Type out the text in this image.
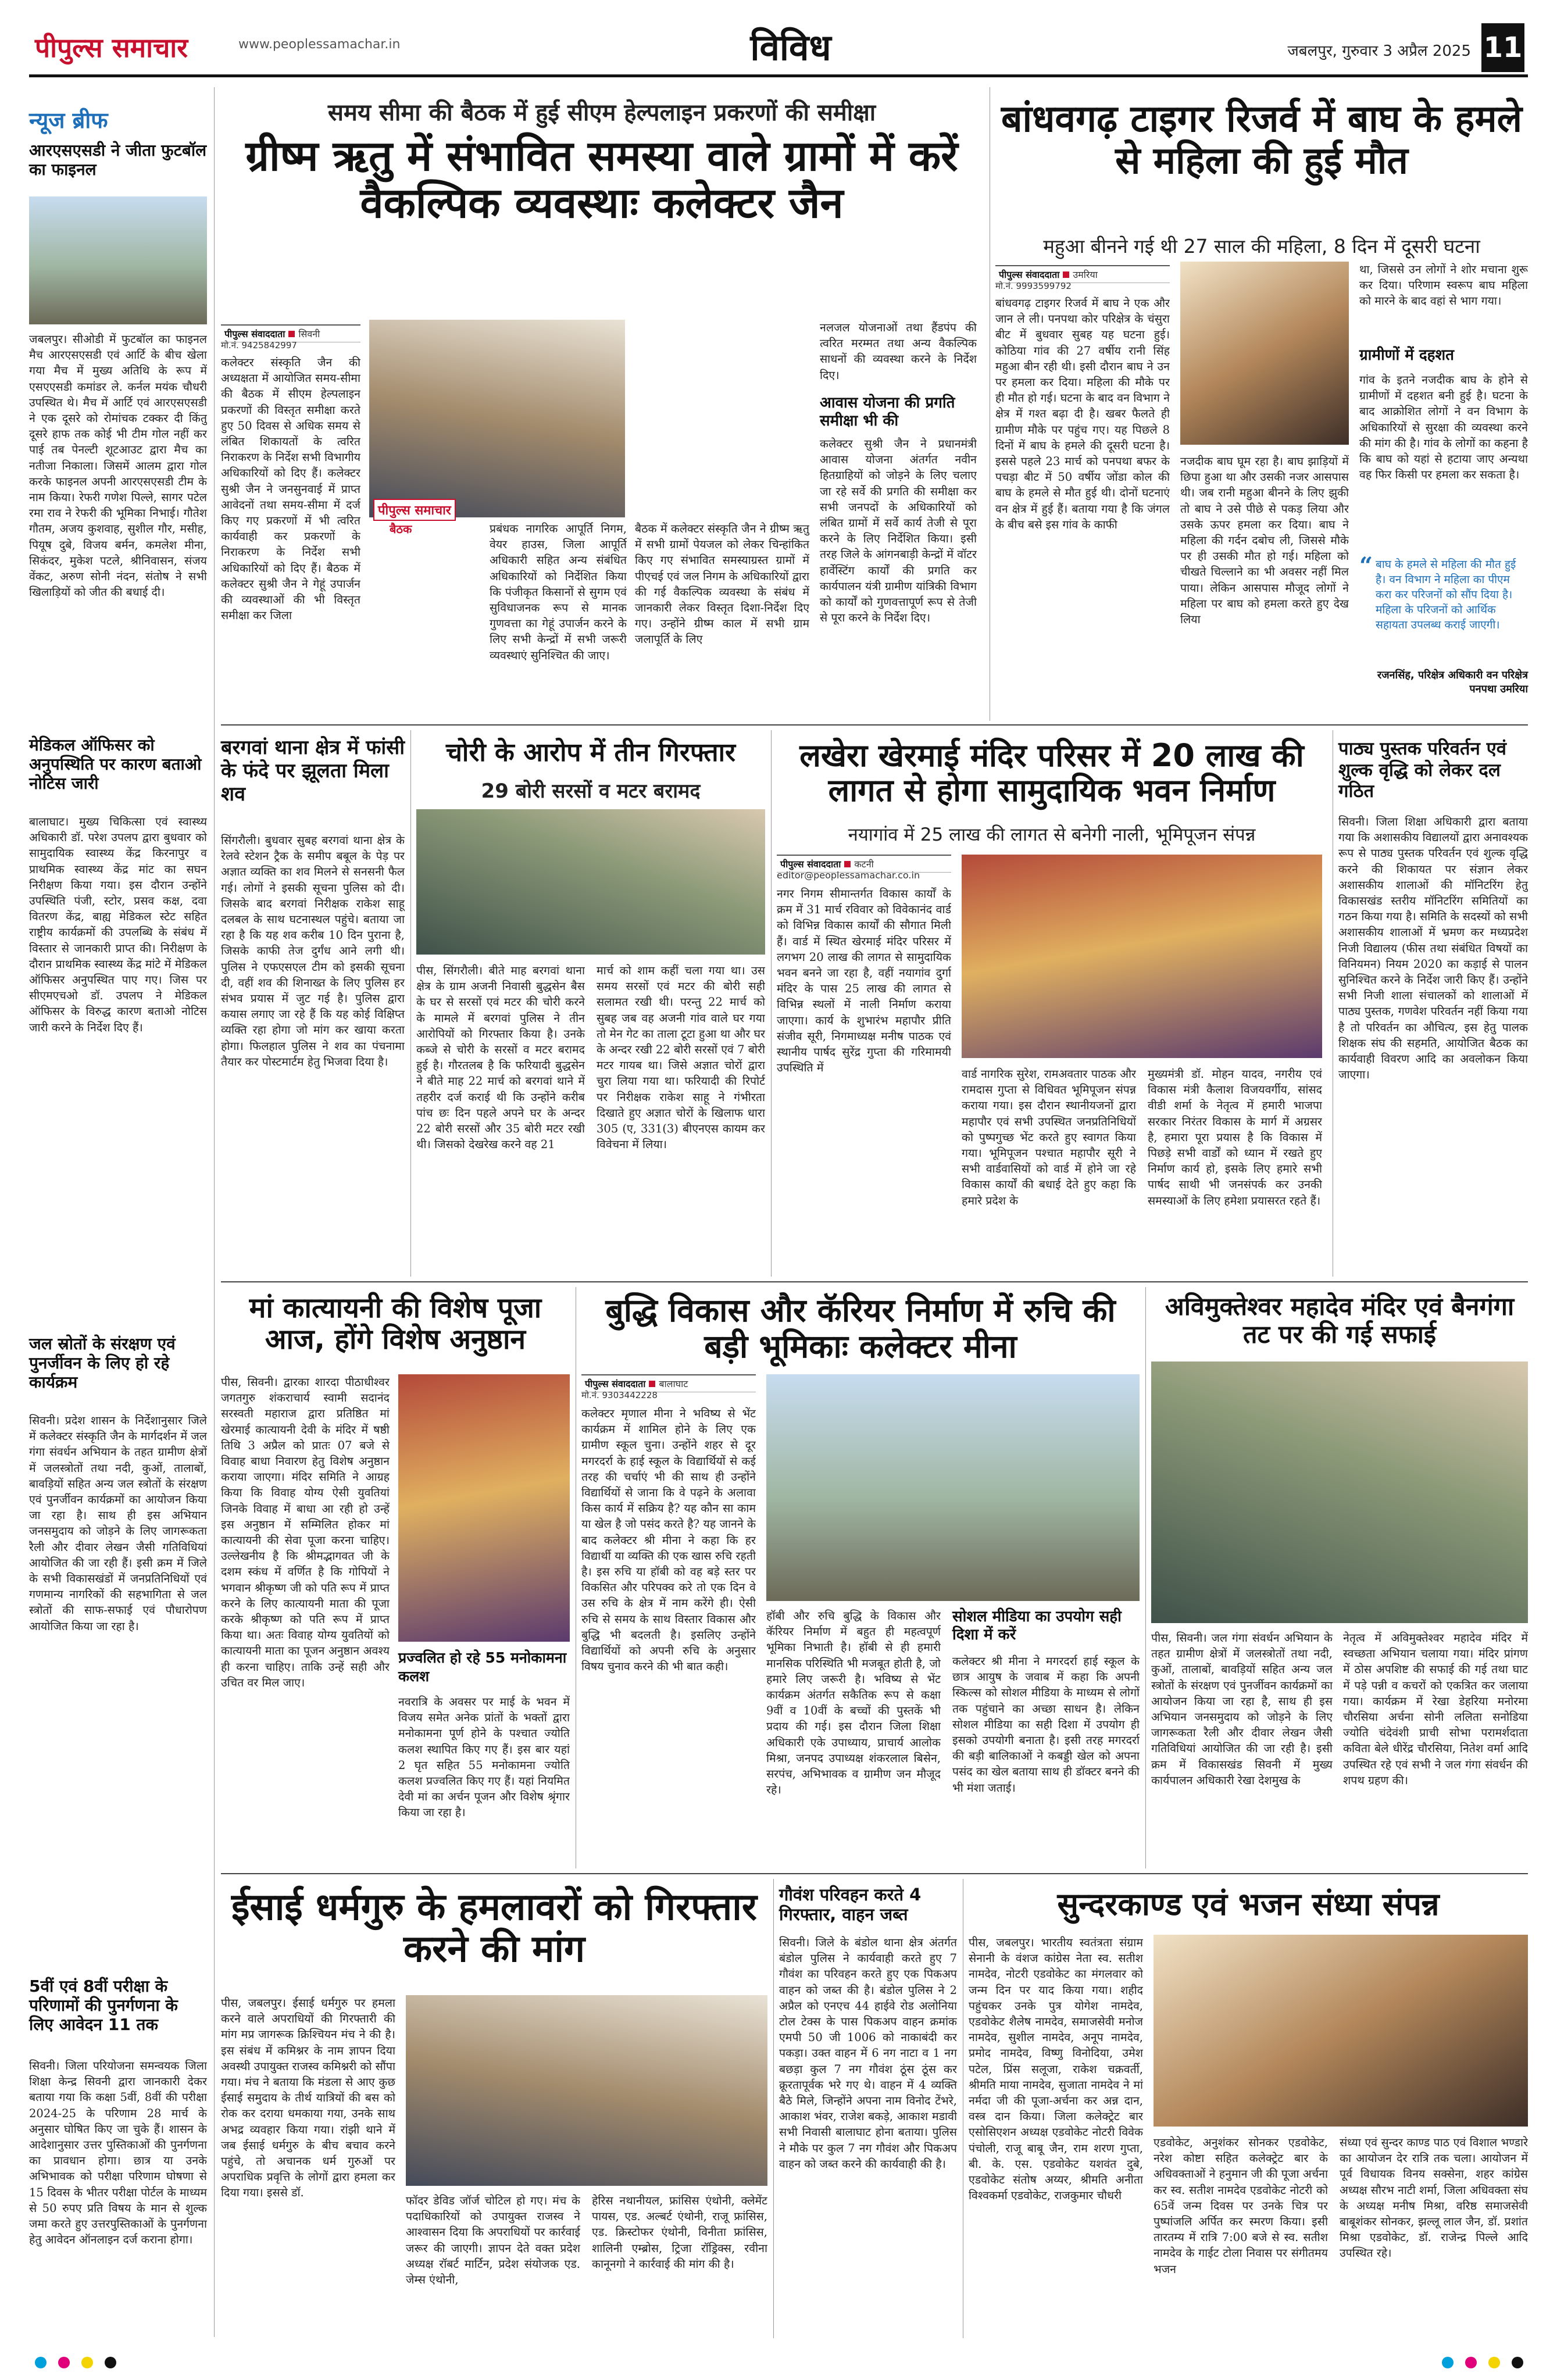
पीपुल्स समाचार	www.peoplessamachar.in	विविध	जबलपुर, गुरुवार 3 अप्रैल 2025 11
न्यूज ब्रीफ
आरएसएसडी ने जीता फुटबॉल का फाइनल

जबलपुर। सीओडी में फुटबॉल का फाइनल मैच आरएसएसडी एवं आर्टि के बीच खेला गया मैच में मुख्य अतिथि के रूप में एसएएसडी कमांडर ले. कर्नल मयंक चौधरी उपस्थित थे। मैच में आर्टि एवं आरएसएसडी ने एक दूसरे को रोमांचक टक्कर दी किंतु दूसरे हाफ तक कोई भी टीम गोल नहीं कर पाई तब पेनल्टी शूटआउट द्वारा मैच का नतीजा निकाला। जिसमें आलम द्वारा गोल करके फाइनल अपनी आरएसएसडी टीम के नाम किया। रेफरी गणेश पिल्ले, सागर पटेल रमा राव ने रेफरी की भूमिका निभाई। गौतेश गौतम, अजय कुशवाह, सुशील गौर, मसीह, पियूष दुबे, विजय बर्मन, कमलेश मीना, सिकंदर, मुकेश पटले, श्रीनिवासन, संजय वेंकट, अरुण सोनी नंदन, संतोष ने सभी खिलाड़ियों को जीत की बधाई दी।

मेडिकल ऑफिसर को अनुपस्थिति पर कारण बताओ नोटिस जारी

बालाघाट। मुख्य चिकित्सा एवं स्वास्थ्य अधिकारी डॉ. परेश उपलप द्वारा बुधवार को सामुदायिक स्वास्थ्य केंद्र किरनापुर व प्राथमिक स्वास्थ्य केंद्र मांट का सघन निरीक्षण किया गया। इस दौरान उन्होंने उपस्थिति पंजी, स्टोर, प्रसव कक्ष, दवा वितरण केंद्र, बाह्य मेडिकल स्टेट सहित राष्ट्रीय कार्यक्रमों की उपलब्धि के संबंध में विस्तार से जानकारी प्राप्त की। निरीक्षण के दौरान प्राथमिक स्वास्थ्य केंद्र मांटे में मेडिकल ऑफिसर अनुपस्थित पाए गए। जिस पर सीएमएचओ डॉ. उपलप ने मेडिकल ऑफिसर के विरुद्ध कारण बताओ नोटिस जारी करने के निर्देश दिए हैं।

जल स्रोतों के संरक्षण एवं पुनर्जीवन के लिए हो रहे कार्यक्रम

सिवनी। प्रदेश शासन के निर्देशानुसार जिले में कलेक्टर संस्कृति जैन के मार्गदर्शन में जल गंगा संवर्धन अभियान के तहत ग्रामीण क्षेत्रों में जलस्त्रोतों तथा नदी, कुओं, तालाबों, बावड़ियों सहित अन्य जल स्त्रोतों के संरक्षण एवं पुनर्जीवन कार्यक्रमों का आयोजन किया जा रहा है। साथ ही इस अभियान जनसमुदाय को जोड़ने के लिए जागरूकता रैली और दीवार लेखन जैसी गतिविधियां आयोजित की जा रही हैं। इसी क्रम में जिले के सभी विकासखंडों में जनप्रतिनिधियों एवं गणमान्य नागरिकों की सहभागिता से जल स्त्रोतों की साफ-सफाई एवं पौधारोपण आयोजित किया जा रहा है।

5वीं एवं 8वीं परीक्षा के परिणामों की पुनर्गणना के लिए आवेदन 11 तक

सिवनी। जिला परियोजना समन्वयक जिला शिक्षा केन्द्र सिवनी द्वारा जानकारी देकर बताया गया कि कक्षा 5वीं, 8वीं की परीक्षा 2024-25 के परिणाम 28 मार्च के अनुसार घोषित किए जा चुके हैं। शासन के आदेशानुसार उत्तर पुस्तिकाओं की पुनर्गणना का प्रावधान होगा। छात्र या उनके अभिभावक को परीक्षा परिणाम घोषणा से 15 दिवस के भीतर परीक्षा पोर्टल के माध्यम से 50 रुपए प्रति विषय के मान से शुल्क जमा करते हुए उत्तरपुस्तिकाओं के पुनर्गणना हेतु आवेदन ऑनलाइन दर्ज कराना होगा।

समय सीमा की बैठक में हुई सीएम हेल्पलाइन प्रकरणों की समीक्षा
ग्रीष्म ऋतु में संभावित समस्या वाले ग्रामों में करें वैकल्पिक व्यवस्थाः कलेक्टर जैन
पीपुल्स संवाददाता सिवनी
मो.नं. 9425842997

कलेक्टर संस्कृति जैन की अध्यक्षता में आयोजित समय-सीमा की बैठक में सीएम हेल्पलाइन प्रकरणों की विस्तृत समीक्षा करते हुए 50 दिवस से अधिक समय से लंबित शिकायतों के त्वरित निराकरण के निर्देश सभी विभागीय अधिकारियों को दिए हैं। कलेक्टर सुश्री जैन ने जनसुनवाई में प्राप्त आवेदनों तथा समय-सीमा में दर्ज किए गए प्रकरणों में भी त्वरित कार्यवाही कर प्रकरणों के निराकरण के निर्देश सभी अधिकारियों को दिए हैं। बैठक में कलेक्टर सुश्री जैन ने गेहूं उपार्जन की व्यवस्थाओं की भी विस्तृत समीक्षा कर जिला

पीपुल्स समाचार
बैठक	प्रबंधक नागरिक आपूर्ति निगम, वेयर हाउस, जिला आपूर्ति अधिकारी सहित अन्य संबंधित अधिकारियों को निर्देशित किया कि पंजीकृत किसानों से सुगम एवं सुविधाजनक रूप से मानक गुणवत्ता का गेहूं उपार्जन करने के लिए सभी केन्द्रों में सभी जरूरी व्यवस्थाएं सुनिश्चित की जाए।

बैठक में कलेक्टर संस्कृति जैन ने ग्रीष्म ऋतु में सभी ग्रामों पेयजल को लेकर चिन्हांकित किए गए संभावित समस्याग्रस्त ग्रामों में पीएचई एवं जल निगम के अधिकारियों द्वारा की गई वैकल्पिक व्यवस्था के संबंध में जानकारी लेकर विस्तृत दिशा-निर्देश दिए गए। उन्होंने ग्रीष्म काल में सभी ग्राम जलापूर्ति के लिए

नलजल योजनाओं तथा हैंडपंप की त्वरित मरम्मत तथा अन्य वैकल्पिक साधनों की व्यवस्था करने के निर्देश दिए।

आवास योजना की प्रगति समीक्षा भी की

कलेक्टर सुश्री जैन ने प्रधानमंत्री आवास योजना अंतर्गत नवीन हितग्राहियों को जोड़ने के लिए चलाए जा रहे सर्वे की प्रगति की समीक्षा कर सभी जनपदों के अधिकारियों को लंबित ग्रामों में सर्वे कार्य तेजी से पूरा करने के लिए निर्देशित किया। इसी तरह जिले के आंगनबाड़ी केन्द्रों में वॉटर हार्वेस्टिंग कार्यों की प्रगति कर कार्यपालन यंत्री ग्रामीण यांत्रिकी विभाग को कार्यों को गुणवत्तापूर्ण रूप से तेजी से पूरा करने के निर्देश दिए।

बांधवगढ़ टाइगर रिजर्व में बाघ के हमले से महिला की हुई मौत
महुआ बीनने गई थी 27 साल की महिला, 8 दिन में दूसरी घटना
पीपुल्स संवाददाता उमरिया
मो.नं. 9993599792

बांधवगढ़ टाइगर रिजर्व में बाघ ने एक और जान ले ली। पनपथा कोर परिक्षेत्र के चंसुरा बीट में बुधवार सुबह यह घटना हुई। कोठिया गांव की 27 वर्षीय रानी सिंह महुआ बीन रही थी। इसी दौरान बाघ ने उन पर हमला कर दिया। महिला की मौके पर ही मौत हो गई। घटना के बाद वन विभाग ने क्षेत्र में गश्त बढ़ा दी है। खबर फैलते ही ग्रामीण मौके पर पहुंच गए। यह पिछले 8 दिनों में बाघ के हमले की दूसरी घटना है। इससे पहले 23 मार्च को पनपथा बफर के पचड़ा बीट में 50 वर्षीय जोंडा कोल की बाघ के हमले से मौत हुई थी। दोनों घटनाएं वन क्षेत्र में हुई हैं। बताया गया है कि जंगल के बीच बसे इस गांव के काफी

नजदीक बाघ घूम रहा है। बाघ झाड़ियों में छिपा हुआ था और उसकी नजर आसपास थी। जब रानी महुआ बीनने के लिए झुकी तो बाघ ने उसे पीछे से पकड़ लिया और उसके ऊपर हमला कर दिया। बाघ ने महिला की गर्दन दबोच ली, जिससे मौके पर ही उसकी मौत हो गई। महिला को चीखते चिल्लाने का भी अवसर नहीं मिल पाया। लेकिन आसपास मौजूद लोगों ने महिला पर बाघ को हमला करते हुए देख लिया

था, जिससे उन लोगों ने शोर मचाना शुरू कर दिया। परिणाम स्वरूप बाघ महिला को मारने के बाद वहां से भाग गया।

ग्रामीणों में दहशत

गांव के इतने नजदीक बाघ के होने से ग्रामीणों में दहशत बनी हुई है। घटना के बाद आक्रोशित लोगों ने वन विभाग के अधिकारियों से सुरक्षा की व्यवस्था करने की मांग की है। गांव के लोगों का कहना है कि बाघ को यहां से हटाया जाए अन्यथा वह फिर किसी पर हमला कर सकता है।

“ बाघ के हमले से महिला की मौत हुई है। वन विभाग ने महिला का पीएम करा कर परिजनों को सौंप दिया है। महिला के परिजनों को आर्थिक सहायता उपलब्ध कराई जाएगी।
रजनसिंह, परिक्षेत्र अधिकारी वन परिक्षेत्र पनपथा उमरिया
बरगवां थाना क्षेत्र में फांसी के फंदे पर झूलता मिला शव

सिंगरौली। बुधवार सुबह बरगवां थाना क्षेत्र के रेलवे स्टेशन ट्रैक के समीप बबूल के पेड़ पर अज्ञात व्यक्ति का शव मिलने से सनसनी फैल गई। लोगों ने इसकी सूचना पुलिस को दी। जिसके बाद बरगवां निरीक्षक राकेश साहू दलबल के साथ घटनास्थल पहुंचे। बताया जा रहा है कि यह शव करीब 10 दिन पुराना है, जिसके काफी तेज दुर्गंध आने लगी थी। पुलिस ने एफएसएल टीम को इसकी सूचना दी, वहीं शव की शिनाख्त के लिए पुलिस हर संभव प्रयास में जुट गई है। पुलिस द्वारा कयास लगाए जा रहे हैं कि यह कोई विक्षिप्त व्यक्ति रहा होगा जो मांग कर खाया करता होगा। फिलहाल पुलिस ने शव का पंचनामा तैयार कर पोस्टमार्टम हेतु भिजवा दिया है।

चोरी के आरोप में तीन गिरफ्तार
29 बोरी सरसों व मटर बरामद

पीस, सिंगरौली। बीते माह बरगवां थाना क्षेत्र के ग्राम अजनी निवासी बुद्धसेन बैस के घर से सरसों एवं मटर की चोरी करने के मामले में बरगवां पुलिस ने तीन आरोपियों को गिरफ्तार किया है। उनके कब्जे से चोरी के सरसों व मटर बरामद हुई है। गौरतलब है कि फरियादी बुद्धसेन ने बीते माह 22 मार्च को बरगवां थाने में तहरीर दर्ज कराई थी कि उन्होंने करीब पांच छः दिन पहले अपने घर के अन्दर 22 बोरी सरसों और 35 बोरी मटर रखी थी। जिसको देखरेख करने वह 21

मार्च को शाम कहीं चला गया था। उस समय सरसों एवं मटर की बोरी सही सलामत रखी थी। परन्तु 22 मार्च को सुबह जब वह अजनी गांव वाले घर गया तो मेन गेट का ताला टूटा हुआ था और घर के अन्दर रखी 22 बोरी सरसों एवं 7 बोरी मटर गायब था। जिसे अज्ञात चोरों द्वारा चुरा लिया गया था। फरियादी की रिपोर्ट पर निरीक्षक राकेश साहू ने गंभीरता दिखाते हुए अज्ञात चोरों के खिलाफ धारा 305 (ए, 331(3) बीएनएस कायम कर विवेचना में लिया।

लखेरा खेरमाई मंदिर परिसर में 20 लाख की लागत से होगा सामुदायिक भवन निर्माण
नयागांव में 25 लाख की लागत से बनेगी नाली, भूमिपूजन संपन्न
पीपुल्स संवाददाता कटनी
editor@peoplessamachar.co.in

नगर निगम सीमान्तर्गत विकास कार्यों के क्रम में 31 मार्च रविवार को विवेकानंद वार्ड को विभिन्न विकास कार्यों की सौगात मिली हैं। वार्ड में स्थित खेरमाई मंदिर परिसर में लगभग 20 लाख की लागत से सामुदायिक भवन बनने जा रहा है, वहीं नयागांव दुर्गा मंदिर के पास 25 लाख की लागत से विभिन्न स्थलों में नाली निर्माण कराया जाएगा। कार्य के शुभारंभ महापौर प्रीति संजीव सूरी, निगमाध्यक्ष मनीष पाठक एवं स्थानीय पार्षद सुरेंद्र गुप्ता की गरिमामयी उपस्थिति में	वार्ड नागरिक सुरेश, रामअवतार पाठक और रामदास गुप्ता से विधिवत भूमिपूजन संपन्न कराया गया। इस दौरान स्थानीयजनों द्वारा महापौर एवं सभी उपस्थित जनप्रतिनिधियों को पुष्पगुच्छ भेंट करते हुए स्वागत किया गया। भूमिपूजन पश्चात महापौर सूरी ने सभी वार्डवासियों को वार्ड में होने जा रहे विकास कार्यों की बधाई देते हुए कहा कि हमारे प्रदेश के

मुख्यमंत्री डॉ. मोहन यादव, नगरीय एवं विकास मंत्री कैलाश विजयवर्गीय, सांसद वीडी शर्मा के नेतृत्व में हमारी भाजपा सरकार निरंतर विकास के मार्ग में अग्रसर है, हमारा पूरा प्रयास है कि विकास में पिछड़े सभी वार्डों को ध्यान में रखते हुए निर्माण कार्य हो, इसके लिए हमारे सभी पार्षद साथी भी जनसंपर्क कर उनकी समस्याओं के लिए हमेशा प्रयासरत रहते हैं।

पाठ्य पुस्तक परिवर्तन एवं शुल्क वृद्धि को लेकर दल गठित

सिवनी। जिला शिक्षा अधिकारी द्वारा बताया गया कि अशासकीय विद्यालयों द्वारा अनावश्यक रूप से पाठ्य पुस्तक परिवर्तन एवं शुल्क वृद्धि करने की शिकायत पर संज्ञान लेकर अशासकीय शालाओं की मॉनिटरिंग हेतु विकासखंड स्तरीय मॉनिटरिंग समितियों का गठन किया गया है। समिति के सदस्यों को सभी अशासकीय शालाओं में भ्रमण कर मध्यप्रदेश निजी विद्यालय (फीस तथा संबंधित विषयों का विनियमन) नियम 2020 का कड़ाई से पालन सुनिश्चित करने के निर्देश जारी किए हैं। उन्होंने सभी निजी शाला संचालकों को शालाओं में पाठ्य पुस्तक, गणवेश परिवर्तन नहीं किया गया है तो परिवर्तन का औचित्य, इस हेतु पालक शिक्षक संघ की सहमति, आयोजित बैठक का कार्यवाही विवरण आदि का अवलोकन किया जाएगा।

मां कात्यायनी की विशेष पूजा आज, होंगे विशेष अनुष्ठान

पीस, सिवनी। द्वारका शारदा पीठाधीश्वर जगतगुरु शंकराचार्य स्वामी सदानंद सरस्वती महाराज द्वारा प्रतिष्ठित मां खेरमाई कात्यायनी देवी के मंदिर में षष्ठी तिथि 3 अप्रैल को प्रातः 07 बजे से विवाह बाधा निवारण हेतु विशेष अनुष्ठान कराया जाएगा। मंदिर समिति ने आग्रह किया कि विवाह योग्य ऐसी युवतियां जिनके विवाह में बाधा आ रही हो उन्हें इस अनुष्ठान में सम्मिलित होकर मां कात्यायनी की सेवा पूजा करना चाहिए। उल्लेखनीय है कि श्रीमद्भागवत जी के दशम स्कंध में वर्णित है कि गोपियों ने भगवान श्रीकृष्ण जी को पति रूप में प्राप्त करने के लिए कात्यायनी माता की पूजा करके श्रीकृष्ण को पति रूप में प्राप्त किया था। अतः विवाह योग्य युवतियों को कात्यायनी माता का पूजन अनुष्ठान अवश्य ही करना चाहिए। ताकि उन्हें सही और उचित वर मिल जाए।

प्रज्वलित हो रहे 55 मनोकामना कलश

नवरात्रि के अवसर पर माई के भवन में विजय समेत अनेक प्रांतों के भक्तों द्वारा मनोकामना पूर्ण होने के पश्चात ज्योति कलश स्थापित किए गए हैं। इस बार यहां 2 घृत सहित 55 मनोकामना ज्योति कलश प्रज्वलित किए गए हैं। यहां नियमित देवी मां का अर्चन पूजन और विशेष श्रृंगार किया जा रहा है।

बुद्धि विकास और कॅरियर निर्माण में रुचि की बड़ी भूमिकाः कलेक्टर मीना
पीपुल्स संवाददाता बालाघाट
मो.नं. 9303442228

कलेक्टर मृणाल मीना ने भविष्य से भेंट कार्यक्रम में शामिल होने के लिए एक ग्रामीण स्कूल चुना। उन्होंने शहर से दूर मगरदर्रा के हाई स्कूल के विद्यार्थियों से कई तरह की चर्चाएं भी की साथ ही उन्होंने विद्यार्थियों से जाना कि वे पढ़ने के अलावा किस कार्य में सक्रिय है? यह कौन सा काम या खेल है जो पसंद करते है? यह जानने के बाद कलेक्टर श्री मीना ने कहा कि हर विद्यार्थी या व्यक्ति की एक खास रुचि रहती है। इस रुचि या हॉबी को वह बड़े स्तर पर विकसित और परिपक्व करे तो एक दिन वे उस रुचि के क्षेत्र में नाम करेंगे ही। ऐसी रुचि से समय के साथ विस्तार विकास और बुद्धि भी बदलती है। इसलिए उन्होंने विद्यार्थियों को अपनी रुचि के अनुसार विषय चुनाव करने की भी बात कही।

हॉबी और रुचि बुद्धि के विकास और कॅरियर निर्माण में बहुत ही महत्वपूर्ण भूमिका निभाती है। हॉबी से ही हमारी मानसिक परिस्थिति भी मजबूत होती है, जो हमारे लिए जरूरी है। भविष्य से भेंट कार्यक्रम अंतर्गत सकैतिक रूप से कक्षा 9वीं व 10वीं के बच्चों की पुस्तकें भी प्रदाय की गई। इस दौरान जिला शिक्षा अधिकारी एके उपाध्याय, प्राचार्य आलोक मिश्रा, जनपद उपाध्यक्ष शंकरलाल बिसेन, सरपंच, अभिभावक व ग्रामीण जन मौजूद रहे।

सोशल मीडिया का उपयोग सही दिशा में करें

कलेक्टर श्री मीना ने मगरदर्रा हाई स्कूल के छात्र आयुष के जवाब में कहा कि अपनी स्किल्स को सोशल मीडिया के माध्यम से लोगों तक पहुंचाने का अच्छा साधन है। लेकिन सोशल मीडिया का सही दिशा में उपयोग ही इसको उपयोगी बनाता है। इसी तरह मगरदर्रा की बड़ी बालिकाओं ने कबड्डी खेल को अपना पसंद का खेल बताया साथ ही डॉक्टर बनने की भी मंशा जताई।

अविमुक्तेश्वर महादेव मंदिर एवं बैनगंगा तट पर की गई सफाई

पीस, सिवनी। जल गंगा संवर्धन अभियान के तहत ग्रामीण क्षेत्रों में जलस्त्रोतों तथा नदी, कुओं, तालाबों, बावड़ियों सहित अन्य जल स्त्रोतों के संरक्षण एवं पुनर्जीवन कार्यक्रमों का आयोजन किया जा रहा है, साथ ही इस अभियान जनसमुदाय को जोड़ने के लिए जागरूकता रैली और दीवार लेखन जैसी गतिविधियां आयोजित की जा रही है। इसी क्रम में विकासखंड सिवनी में मुख्य कार्यपालन अधिकारी रेखा देशमुख के

नेतृत्व में अविमुक्तेश्वर महादेव मंदिर में स्वच्छता अभियान चलाया गया। मंदिर प्रांगण में ठोस अपशिष्ट की सफाई की गई तथा घाट में पड़े पन्नी व कचरों को एकत्रित कर जलाया गया। कार्यक्रम में रेखा डेहरिया मनोरमा चौरसिया अर्चना सोनी ललिता सनोडिया ज्योति चंदेवंशी प्राची सोभा परामर्शदाता कविता बेले धीरेंद्र चौरसिया, नितेश वर्मा आदि उपस्थित रहे एवं सभी ने जल गंगा संवर्धन की शपथ ग्रहण की।

ईसाई धर्मगुरु के हमलावरों को गिरफ्तार करने की मांग

पीस, जबलपुर। ईसाई धर्मगुरु पर हमला करने वाले अपराधियों की गिरफ्तारी की मांग मप्र जागरूक क्रिश्चियन मंच ने की है। इस संबंध में कमिश्नर के नाम ज्ञापन दिया अवस्थी उपायुक्त राजस्व कमिश्नरी को सौंपा गया। मंच ने बताया कि मंडला से आए कुछ ईसाई समुदाय के तीर्थ यात्रियों की बस को रोक कर दराया धमकाया गया, उनके साथ अभद्र व्यवहार किया गया। रांझी थाने में जब ईसाई धर्मगुरु के बीच बचाव करने पहुंचे, तो अचानक धर्म गुरुओं पर अपराधिक प्रवृत्ति के लोगों द्वारा हमला कर दिया गया। इससे डॉ.

फॉदर डेविड जॉर्ज चोटिल हो गए। मंच के पदाधिकारियों को उपायुक्त राजस्व ने आश्वासन दिया कि अपराधियों पर कार्रवाई जरूर की जाएगी। ज्ञापन देते वक्त प्रदेश अध्यक्ष रॉबर्ट मार्टिन, प्रदेश संयोजक एड. जेम्स एंथोनी,

हेरिस नथानीयल, फ्रांसिस एंथोनी, क्लेमेंट पायस, एड. अल्बर्ट एंथोनी, राजू फ्रांसिस, एड. क्रिस्टोफर एंथोनी, विनीता फ्रांसिस, शालिनी एम्ब्रोस, ट्रिजा रॉड्रिक्स, रवीना कानूनगो ने कार्रवाई की मांग की है।

गौवंश परिवहन करते 4 गिरफ्तार, वाहन जब्त

सिवनी। जिले के बंडोल थाना क्षेत्र अंतर्गत बंडोल पुलिस ने कार्यवाही करते हुए 7 गौवंश का परिवहन करते हुए एक पिकअप वाहन को जब्त की है। बंडोल पुलिस ने 2 अप्रैल को एनएच 44 हाईवे रोड अलोनिया टोल टेक्स के पास पिकअप वाहन क्रमांक एमपी 50 जी 1006 को नाकाबंदी कर पकड़ा। उक्त वाहन में 6 नग नाटा व 1 नग बछड़ा कुल 7 नग गौवंश ठूंस ठूंस कर क्रूरतापूर्वक भरे गए थे। वाहन में 4 व्यक्ति बैठे मिले, जिन्होंने अपना नाम विनोद टेंभरे, आकाश भंवर, राजेश बकड़े, आकाश मडावी सभी निवासी बालाघाट होना बताया। पुलिस ने मौके पर कुल 7 नग गौवंश और पिकअप वाहन को जब्त करने की कार्यवाही की है।

सुन्दरकाण्ड एवं भजन संध्या संपन्न

पीस, जबलपुर। भारतीय स्वतंत्रता संग्राम सेनानी के वंशज कांग्रेस नेता स्व. सतीश नामदेव, नोटरी एडवोकेट का मंगलवार को जन्म दिन पर याद किया गया। शहीद पहुंचकर उनके पुत्र योगेश नामदेव, एडवोकेट शैलेष नामदेव, समाजसेवी मनोज नामदेव, सुशील नामदेव, अनूप नामदेव, प्रमोद नामदेव, विष्णु विनोदिया, उमेश पटेल, प्रिंस सलूजा, राकेश चक्रवर्ती, श्रीमति माया नामदेव, सुजाता नामदेव ने मां नर्मदा जी की पूजा-अर्चना कर अन्न दान, वस्त्र दान किया। जिला कलेक्ट्रेट बार एसोसिएशन अध्यक्ष एडवोकेट नोटरी विवेक पंचोली, राजू बाबू जैन, राम शरण गुप्ता, बी. के. एस. एडवोकेट यशवंत दुबे, एडवोकेट संतोष अय्यर, श्रीमति अनीता विश्वकर्मा एडवोकेट, राजकुमार चौधरी

एडवोकेट, अनुशंकर सोनकर एडवोकेट, नरेश कोष्टा सहित कलेक्ट्रेट बार के अधिवक्ताओं ने हनुमान जी की पूजा अर्चना कर स्व. सतीश नामदेव एडवोकेट नोटरी को 65वें जन्म दिवस पर उनके चित्र पर पुष्पांजलि अर्पित कर स्मरण किया। इसी तारतम्य में रात्रि 7:00 बजे से स्व. सतीश नामदेव के गाईट टोला निवास पर संगीतमय भजन

संध्या एवं सुन्दर काण्ड पाठ एवं विशाल भण्डारे का आयोजन देर रात्रि तक चला। आयोजन में पूर्व विधायक विनय सक्सेना, शहर कांग्रेस अध्यक्ष सौरभ नाटी शर्मा, जिला अधिवक्ता संघ के अध्यक्ष मनीष मिश्रा, वरिष्ठ समाजसेवी बाबूशंकर सोनकर, झल्लू लाल जैन, डॉ. प्रशांत मिश्रा एडवोकेट, डॉ. राजेन्द्र पिल्ले आदि उपस्थित रहे।
